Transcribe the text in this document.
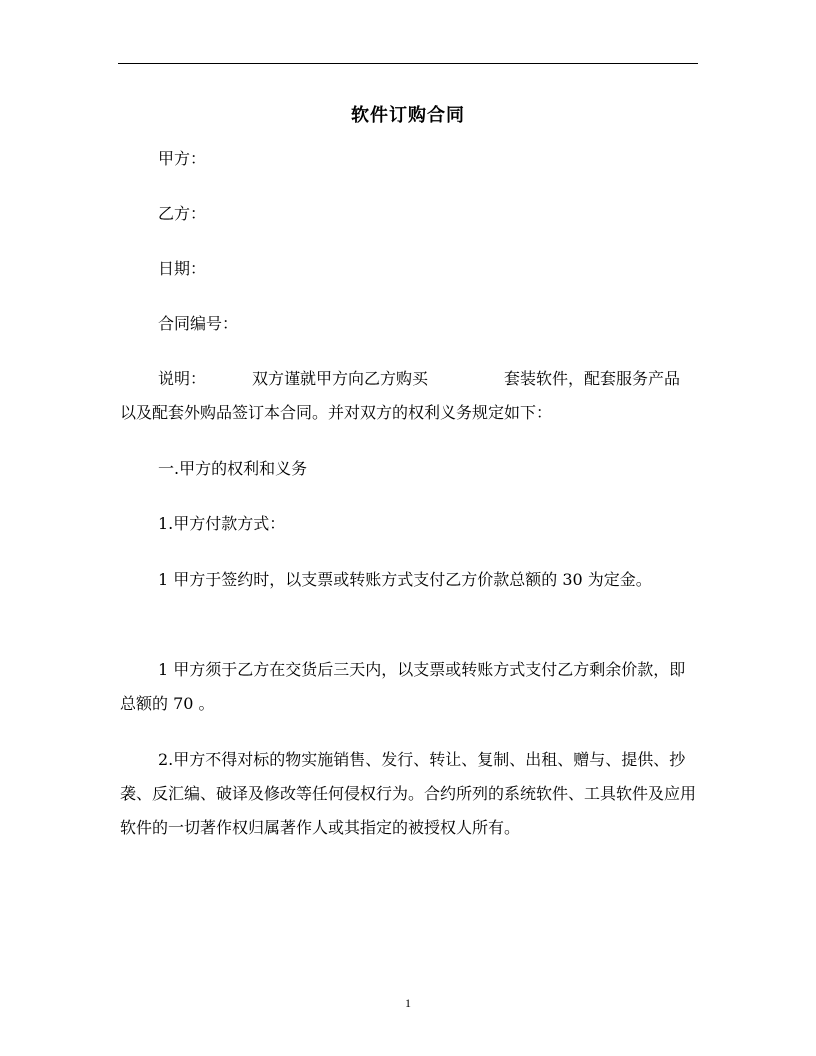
软件订购合同

甲方：

乙方：

日期：

合同编号：

说明：	双方谨就甲方向乙方购买	套装软件，配套服务产品以及配套外购品签订本合同。并对双方的权利义务规定如下：

一.甲方的权利和义务

1.甲方付款方式：

1 甲方于签约时，以支票或转账方式支付乙方价款总额的 30 为定金。

1 甲方须于乙方在交货后三天内，以支票或转账方式支付乙方剩余价款，即总额的 70 。

2.甲方不得对标的物实施销售、发行、转让、复制、出租、赠与、提供、抄袭、反汇编、破译及修改等任何侵权行为。合约所列的系统软件、工具软件及应用软件的一切著作权归属著作人或其指定的被授权人所有。

1
